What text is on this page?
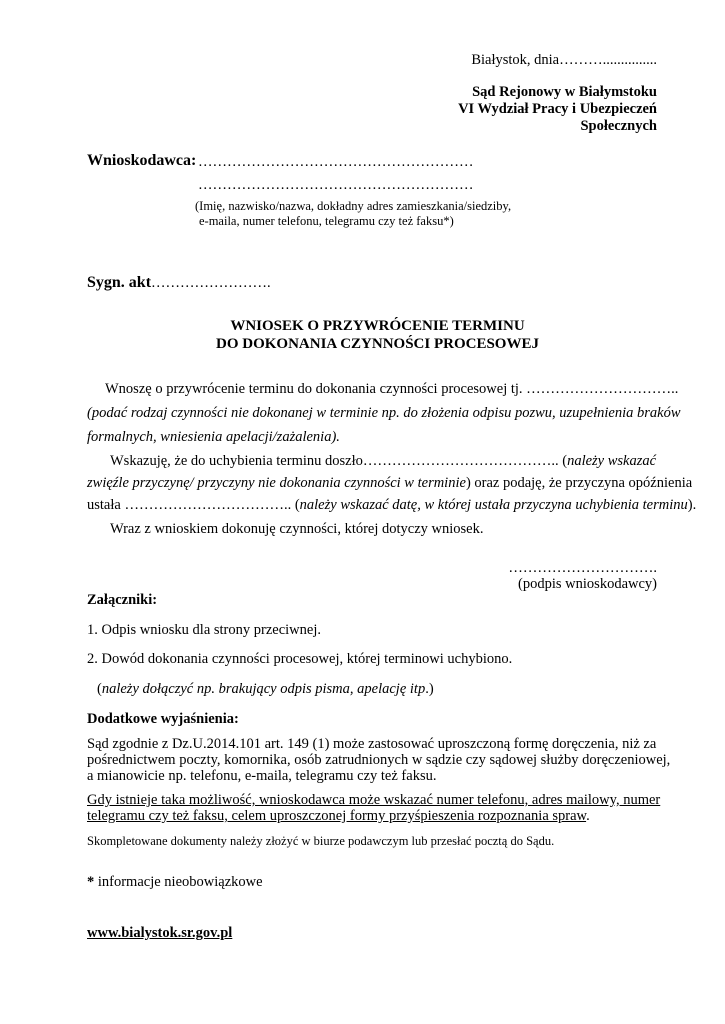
Białystok, dnia………...............
Sąd Rejonowy w Białymstoku
VI Wydział Pracy i Ubezpieczeń
Społecznych
Wnioskodawca: …………………………………………………
…………………………………………………
(Imię, nazwisko/nazwa, dokładny adres zamieszkania/siedziby,
e-maila, numer telefonu, telegramu czy też faksu*)
Sygn. akt…………………….
WNIOSEK O PRZYWRÓCENIE TERMINU
DO DOKONANIA CZYNNOŚCI PROCESOWEJ
Wnoszę o przywrócenie terminu do dokonania czynności procesowej tj. …………………………..
(podać rodzaj czynności nie dokonanej w terminie np. do złożenia odpisu pozwu, uzupełnienia braków
formalnych, wniesienia apelacji/zażalenia).
Wskazuję, że do uchybienia terminu doszło………………………………….. (należy wskazać
zwięźle przyczynę/ przyczyny nie dokonania czynności w terminie) oraz podaję, że przyczyna opóźnienia
ustała …………………………….. (należy wskazać datę, w której ustała przyczyna uchybienia terminu).
Wraz z wnioskiem dokonuję czynności, której dotyczy wniosek.
………………………….
(podpis wnioskodawcy)
Załączniki:
1. Odpis wniosku dla strony przeciwnej.
2. Dowód dokonania czynności procesowej, której terminowi uchybiono.
(należy dołączyć np. brakujący odpis pisma, apelację itp.)
Dodatkowe wyjaśnienia:
Sąd zgodnie z Dz.U.2014.101 art. 149 (1) może zastosować uproszczoną formę doręczenia, niż za
pośrednictwem poczty, komornika, osób zatrudnionych w sądzie czy sądowej służby doręczeniowej,
a mianowicie np. telefonu, e-maila, telegramu czy też faksu.
Gdy istnieje taka możliwość, wnioskodawca może wskazać numer telefonu, adres mailowy, numer
telegramu czy też faksu, celem uproszczonej formy przyśpieszenia rozpoznania spraw.
Skompletowane dokumenty należy złożyć w biurze podawczym lub przesłać pocztą do Sądu.
* informacje nieobowiązkowe
www.bialystok.sr.gov.pl
